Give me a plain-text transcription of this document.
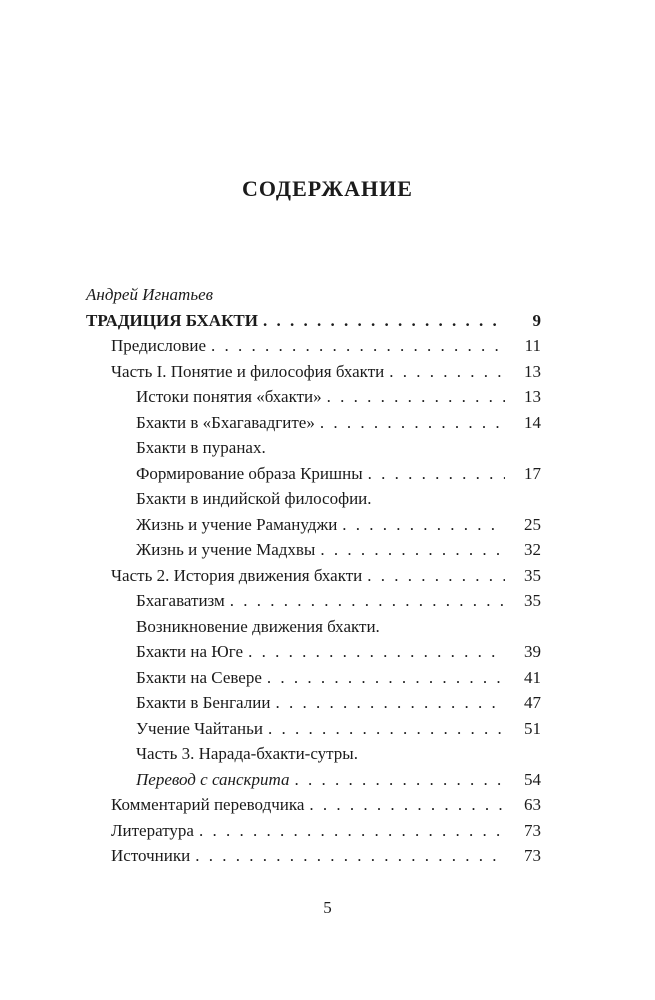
СОДЕРЖАНИЕ
Андрей Игнатьев
ТРАДИЦИЯ БХАКТИ . . .	9
Предисловие . . .	11
Часть I. Понятие и философия бхакти . . .	13
Истоки понятия «бхакти» . . .	13
Бхакти в «Бхагавадгите» . . .	14
Бхакти в пуранах.
Формирование образа Кришны . . .	17
Бхакти в индийской философии.
Жизнь и учение Рамануджи . . .	25
Жизнь и учение Мадхвы . . .	32
Часть 2. История движения бхакти . . .	35
Бхагаватизм . . .	35
Возникновение движения бхакти.
Бхакти на Юге . . .	39
Бхакти на Севере . . .	41
Бхакти в Бенгалии . . .	47
Учение Чайтаньи . . .	51
Часть 3. Нарада-бхакти-сутры.
Перевод с санскрита . . .	54
Комментарий переводчика . . .	63
Литература . . .	73
Источники . . .	73
5
